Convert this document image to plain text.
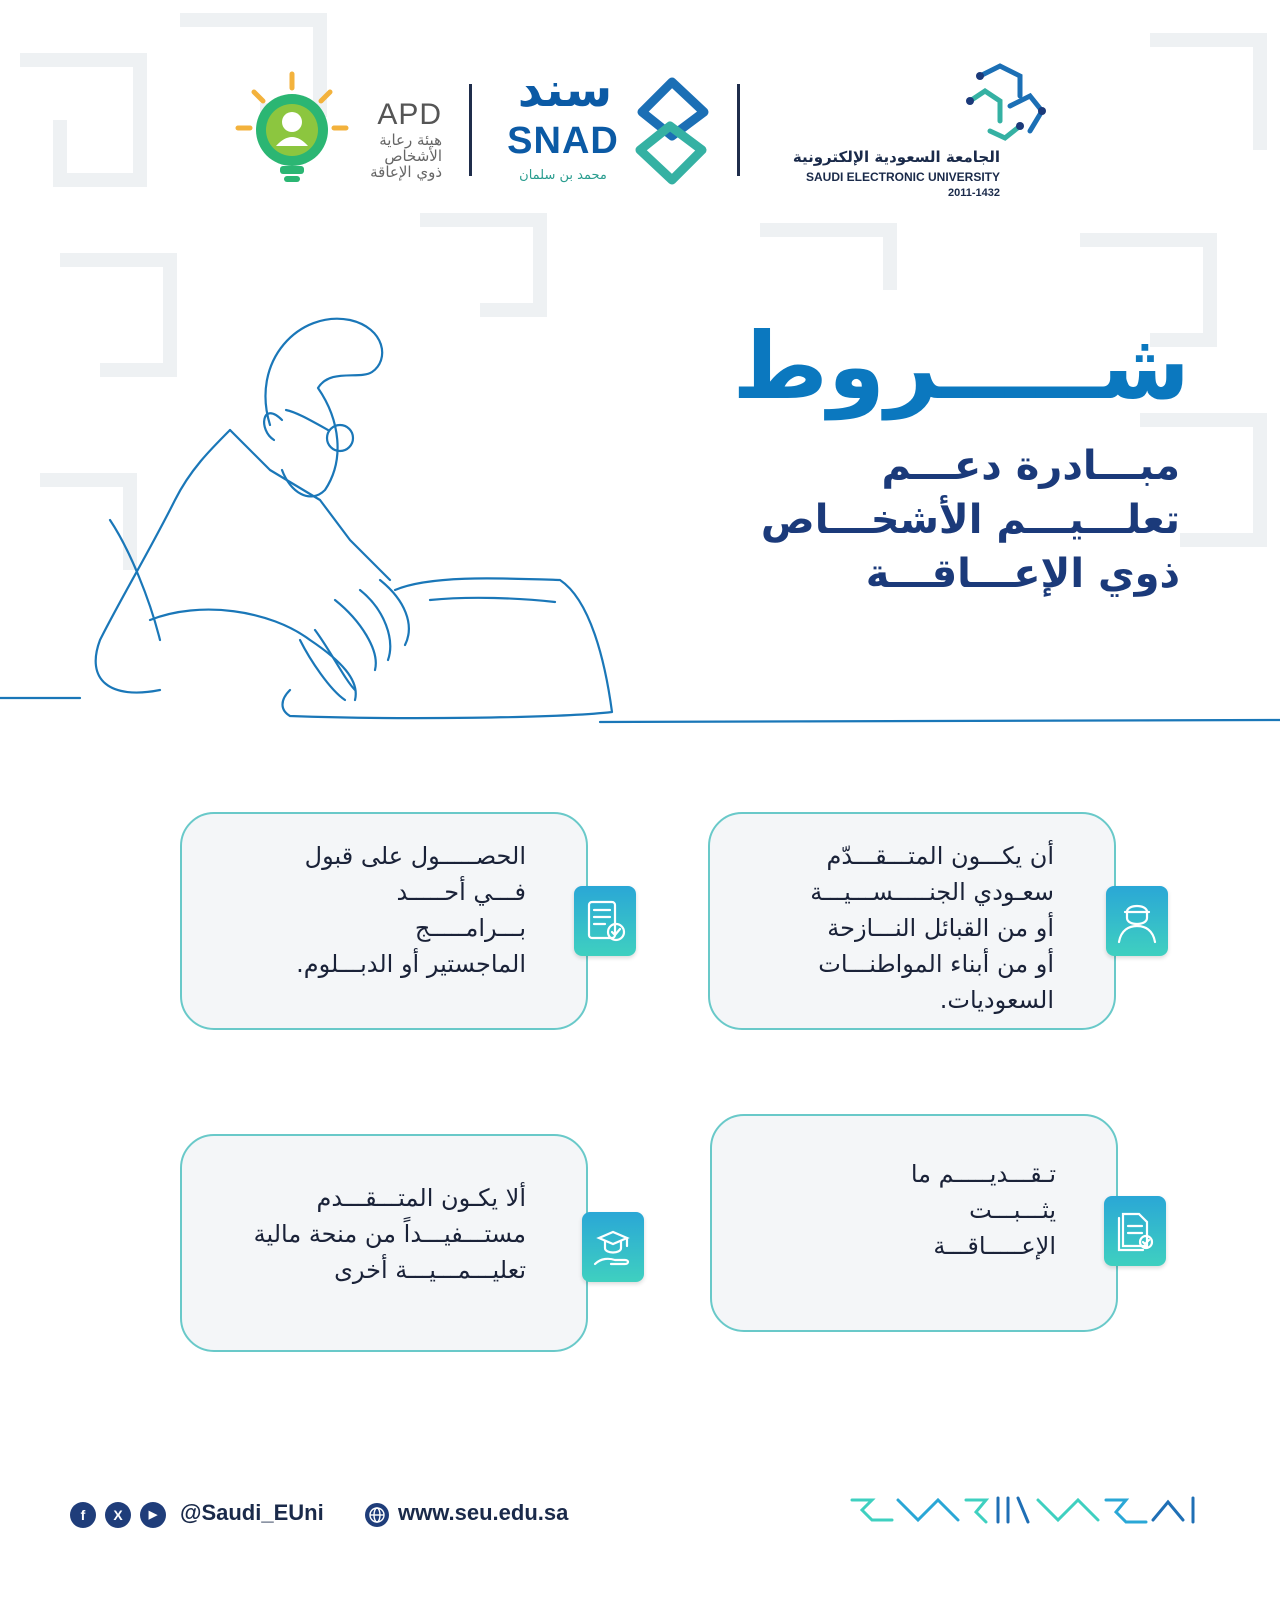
APD
هيئة رعاية
الأشخاص
ذوي الإعاقة
سند
SNAD
محمد بن سلمان
الجامعة السعودية الإلكترونية
SAUDI ELECTRONIC UNIVERSITY
2011-1432
شـــــروط
مبـــادرة دعـــم
تعلـــيـــم الأشخـــاص
ذوي الإعـــاقـــة
أن يكـــون المتـــقـــدّم
سعـودي الجنـــــســـيـــة
أو من القبائل النـــازحة
أو من أبناء المواطنـــات
السعوديات.
الحصـــــول على قبول
فـــي أحـــــد
بـــرامـــــج
الماجستير أو الدبـــلوم.
تـقـــديـــــم ما
يثـــبـــت
الإعـــــاقـــة
ألا يكـون المتـــقـــدم
مستـــفيـــداً من منحة مالية
تعليـــمـــيـــة أخرى
f	X	▶	@Saudi_EUni	www.seu.edu.sa
